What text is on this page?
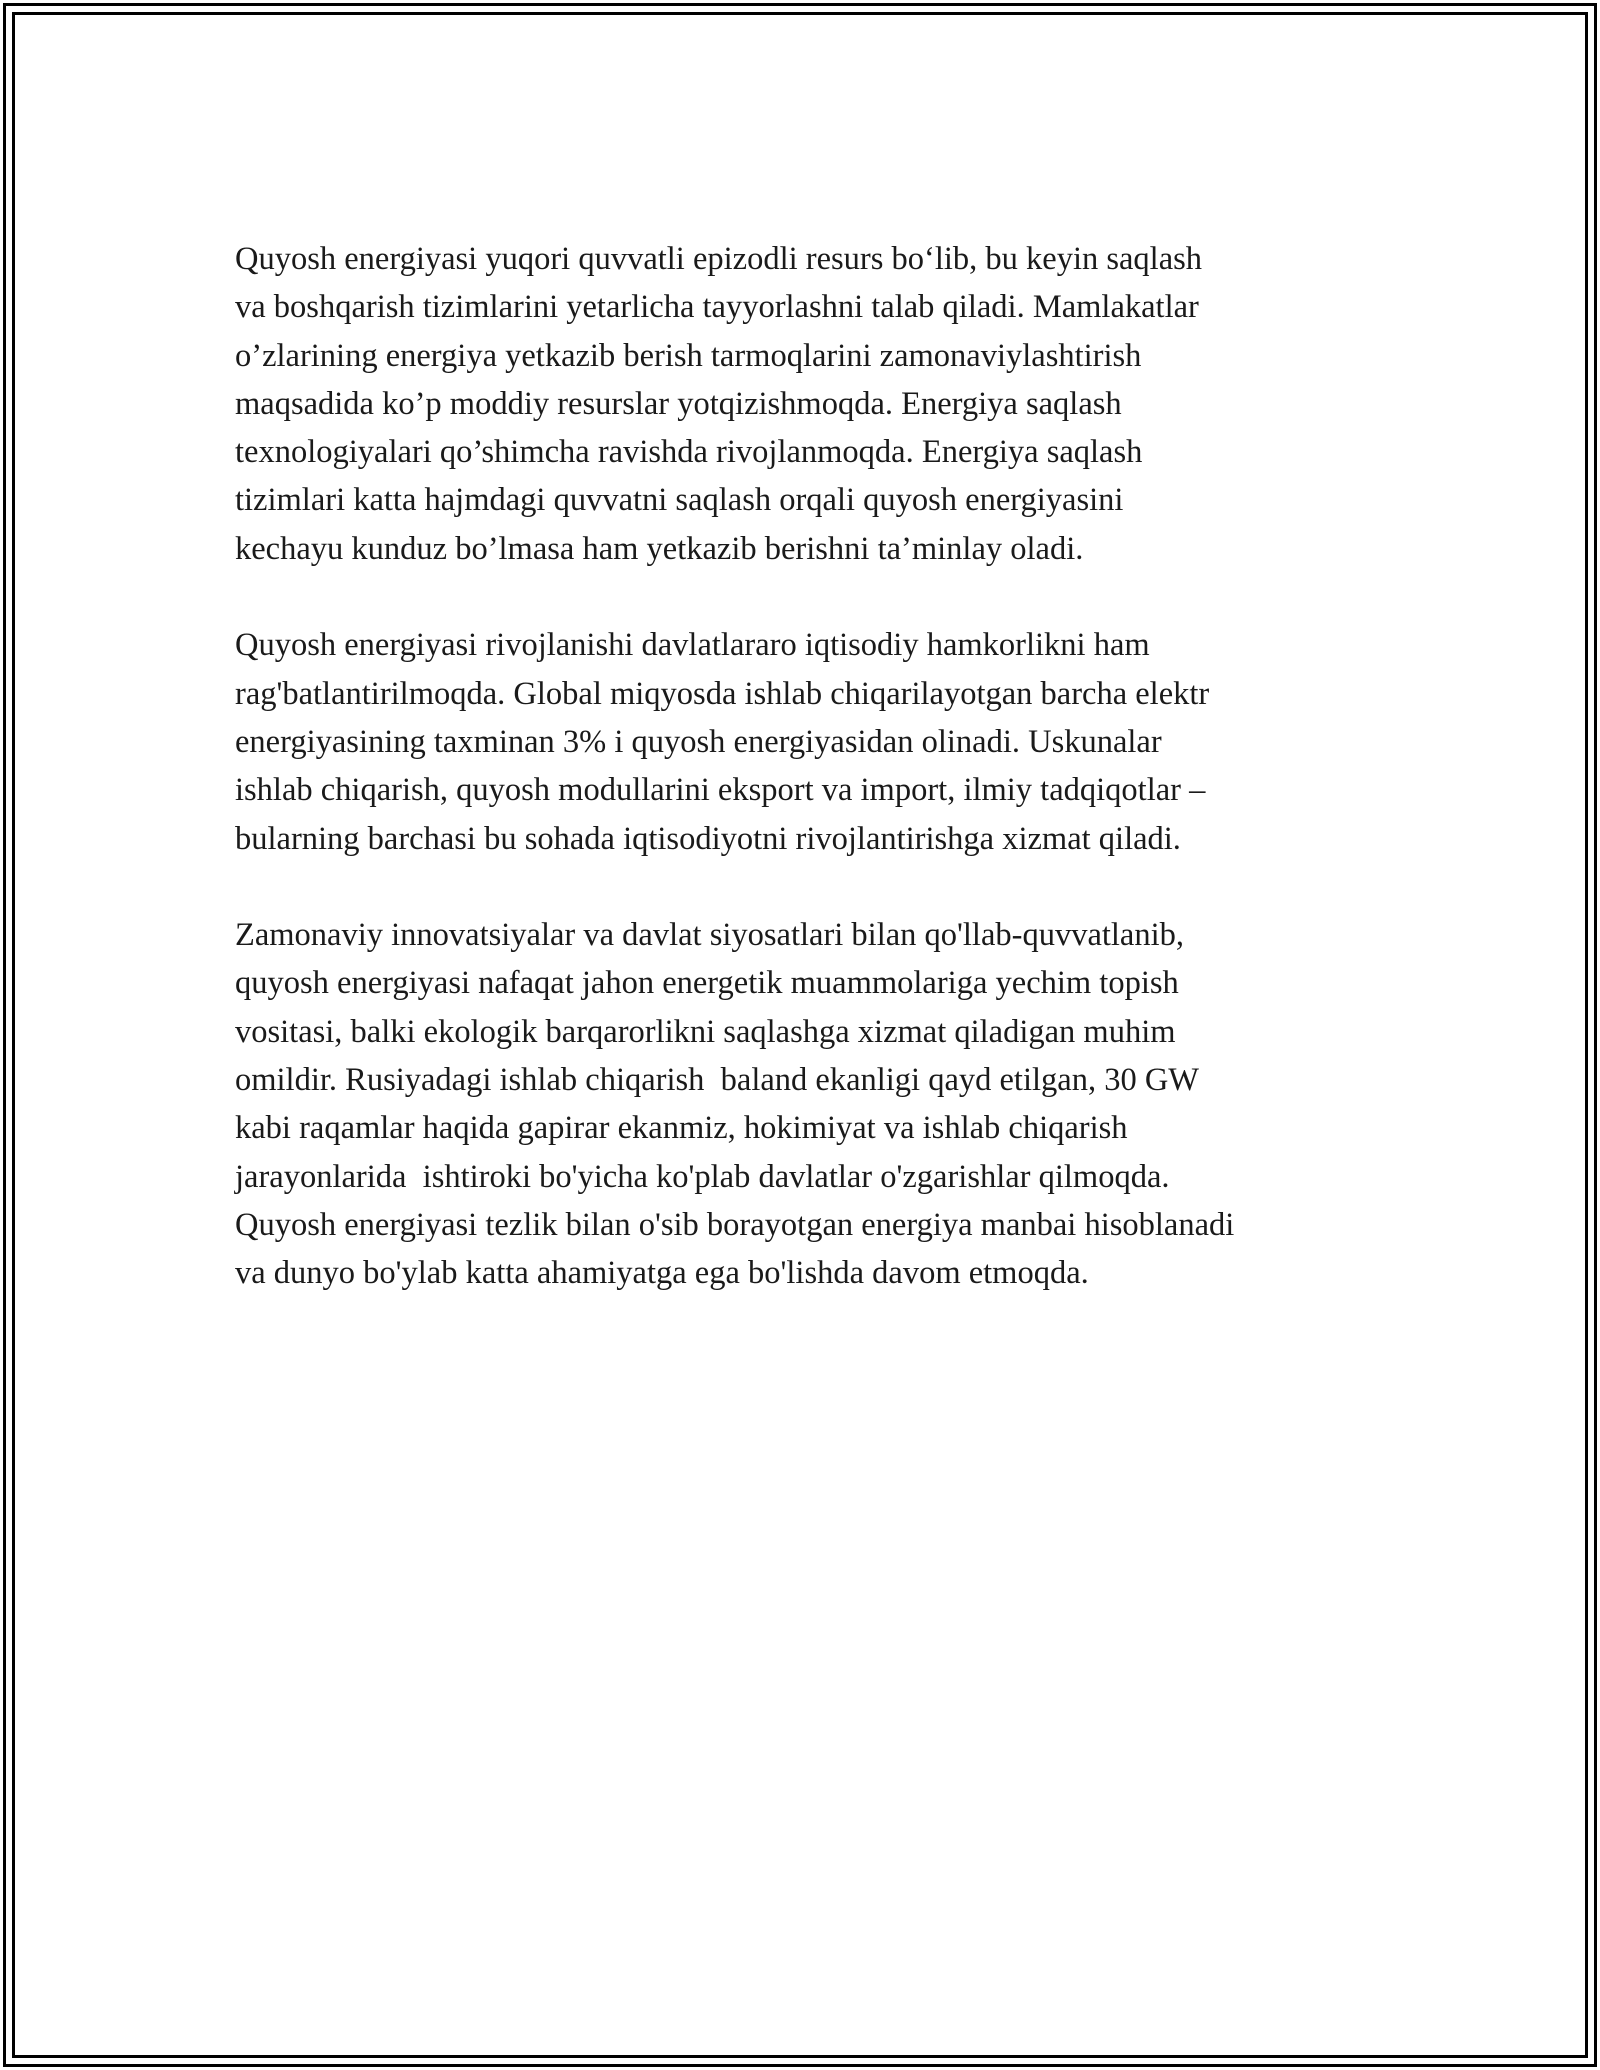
Quyosh energiyasi yuqori quvvatli epizodli resurs bo‘lib, bu keyin saqlash
va boshqarish tizimlarini yetarlicha tayyorlashni talab qiladi. Mamlakatlar
o’zlarining energiya yetkazib berish tarmoqlarini zamonaviylashtirish
maqsadida ko’p moddiy resurslar yotqizishmoqda. Energiya saqlash
texnologiyalari qo’shimcha ravishda rivojlanmoqda. Energiya saqlash
tizimlari katta hajmdagi quvvatni saqlash orqali quyosh energiyasini
kechayu kunduz bo’lmasa ham yetkazib berishni ta’minlay oladi.

Quyosh energiyasi rivojlanishi davlatlararo iqtisodiy hamkorlikni ham
rag'batlantirilmoqda. Global miqyosda ishlab chiqarilayotgan barcha elektr
energiyasining taxminan 3% i quyosh energiyasidan olinadi. Uskunalar
ishlab chiqarish, quyosh modullarini eksport va import, ilmiy tadqiqotlar –
bularning barchasi bu sohada iqtisodiyotni rivojlantirishga xizmat qiladi.

Zamonaviy innovatsiyalar va davlat siyosatlari bilan qo'llab-quvvatlanib,
quyosh energiyasi nafaqat jahon energetik muammolariga yechim topish
vositasi, balki ekologik barqarorlikni saqlashga xizmat qiladigan muhim
omildir. Rusiyadagi ishlab chiqarish  baland ekanligi qayd etilgan, 30 GW
kabi raqamlar haqida gapirar ekanmiz, hokimiyat va ishlab chiqarish
jarayonlarida  ishtiroki bo'yicha ko'plab davlatlar o'zgarishlar qilmoqda.
Quyosh energiyasi tezlik bilan o'sib borayotgan energiya manbai hisoblanadi
va dunyo bo'ylab katta ahamiyatga ega bo'lishda davom etmoqda.
